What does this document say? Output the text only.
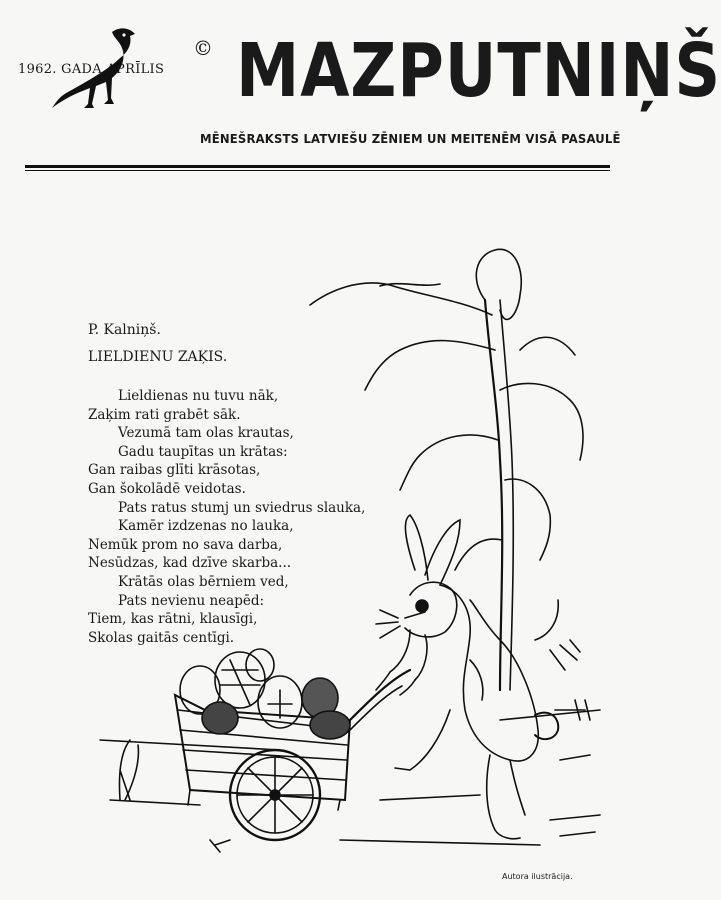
1962. GADA APRĪLIS
© MAZPUTNIŅŠ
MĒNEŠRAKSTS LATVIEŠU ZĒNIEM UN MEITENĒM VISĀ PASAULĒ
P. Kalniņš.
LIELDIENU ZAĶIS.
Lieldienas nu tuvu nāk,
Zaķim rati grabēt sāk.
Vezumā tam olas krautas,
Gadu taupītas un krātas:
Gan raibas glīti krāsotas,
Gan šokolādē veidotas.
Pats ratus stumj un sviedrus slauka,
Kamēr izdzenas no lauka,
Nemūk prom no sava darba,
Nesūdzas, kad dzīve skarba...
Krātās olas bērniem ved,
Pats nevienu neapēd:
Tiem, kas rātni, klausīgi,
Skolas gaitās centīgi.
Autora ilustrācija.
